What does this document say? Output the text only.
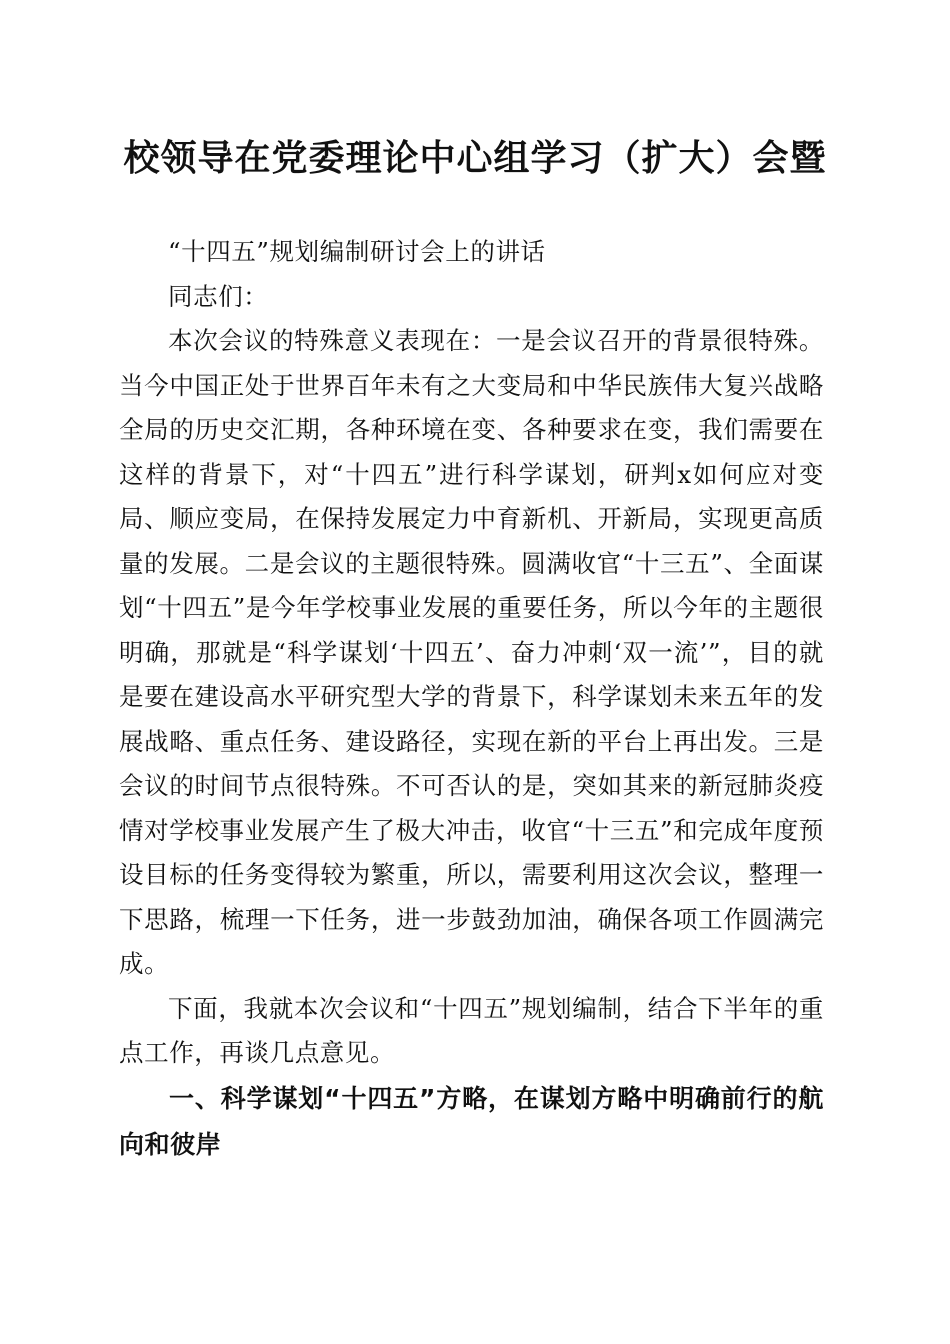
校领导在党委理论中心组学习（扩大）会暨

“十四五”规划编制研讨会上的讲话

同志们：

本次会议的特殊意义表现在：一是会议召开的背景很特殊。当今中国正处于世界百年未有之大变局和中华民族伟大复兴战略全局的历史交汇期，各种环境在变、各种要求在变，我们需要在这样的背景下，对“十四五”进行科学谋划，研判x如何应对变局、顺应变局，在保持发展定力中育新机、开新局，实现更高质量的发展。二是会议的主题很特殊。圆满收官“十三五”、全面谋划“十四五”是今年学校事业发展的重要任务，所以今年的主题很明确，那就是“科学谋划‘十四五’、奋力冲刺‘双一流’”，目的就是要在建设高水平研究型大学的背景下，科学谋划未来五年的发展战略、重点任务、建设路径，实现在新的平台上再出发。三是会议的时间节点很特殊。不可否认的是，突如其来的新冠肺炎疫情对学校事业发展产生了极大冲击，收官“十三五”和完成年度预设目标的任务变得较为繁重，所以，需要利用这次会议，整理一下思路，梳理一下任务，进一步鼓劲加油，确保各项工作圆满完成。

下面，我就本次会议和“十四五”规划编制，结合下半年的重点工作，再谈几点意见。

一、科学谋划“十四五”方略，在谋划方略中明确前行的航向和彼岸
